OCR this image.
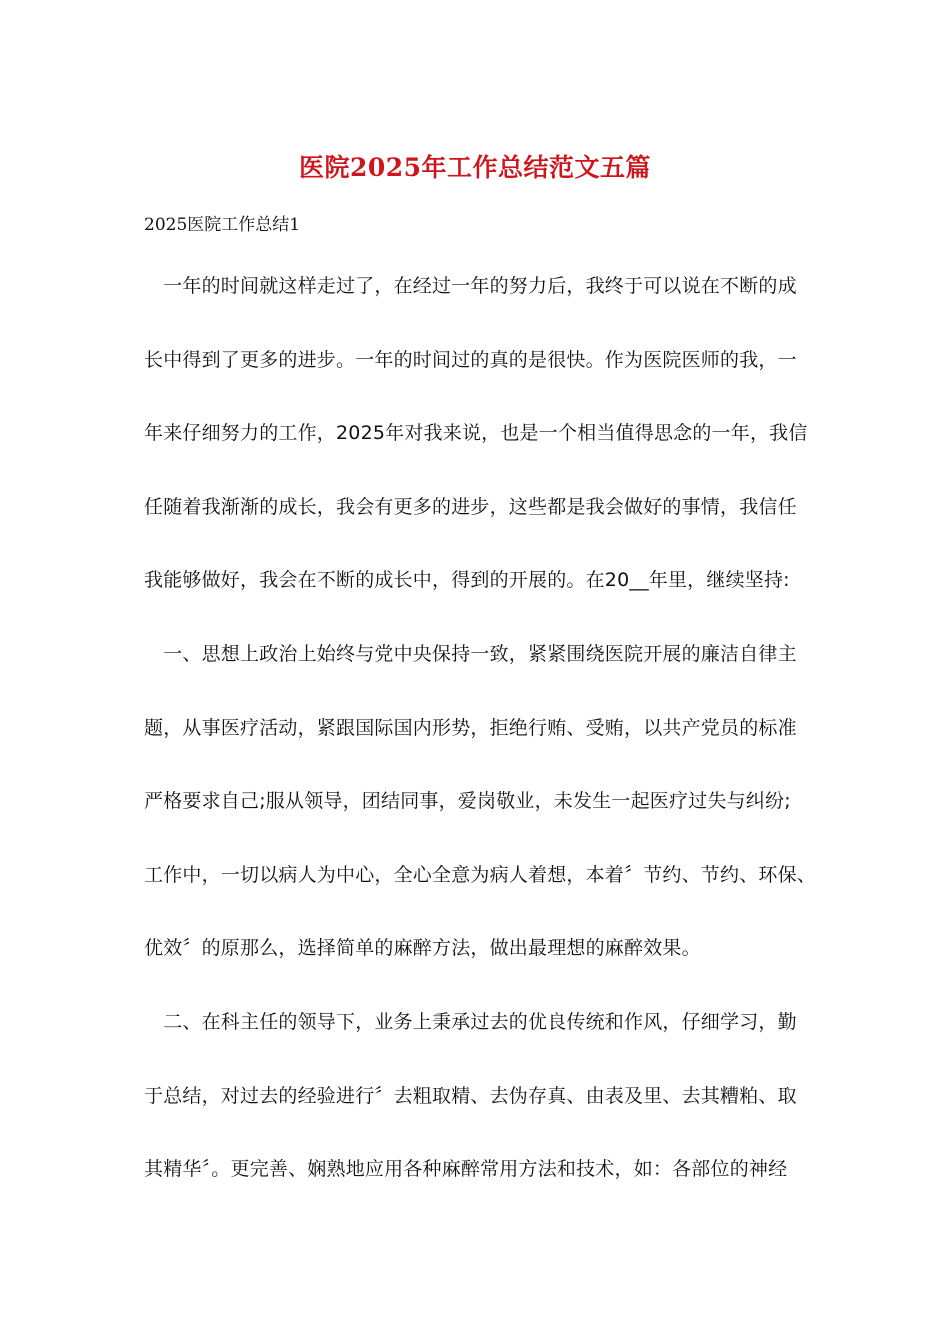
医院2025年工作总结范文五篇
2025医院工作总结1
　一年的时间就这样走过了，在经过一年的努力后，我终于可以说在不断的成
长中得到了更多的进步。一年的时间过的真的是很快。作为医院医师的我，一
年来仔细努力的工作，2025年对我来说，也是一个相当值得思念的一年，我信
任随着我渐渐的成长，我会有更多的进步，这些都是我会做好的事情，我信任
我能够做好，我会在不断的成长中，得到的开展的。在20__年里，继续坚持:
　一、思想上政治上始终与党中央保持一致，紧紧围绕医院开展的廉洁自律主
题，从事医疗活动，紧跟国际国内形势，拒绝行贿、受贿，以共产党员的标准
严格要求自己;服从领导，团结同事，爱岗敬业，未发生一起医疗过失与纠纷;
工作中，一切以病人为中心，全心全意为病人着想，本着〞节约、节约、环保、
优效〞的原那么，选择简单的麻醉方法，做出最理想的麻醉效果。
　二、在科主任的领导下，业务上秉承过去的优良传统和作风，仔细学习，勤
于总结，对过去的经验进行〞去粗取精、去伪存真、由表及里、去其糟粕、取
其精华〞。更完善、娴熟地应用各种麻醉常用方法和技术，如：各部位的神经
